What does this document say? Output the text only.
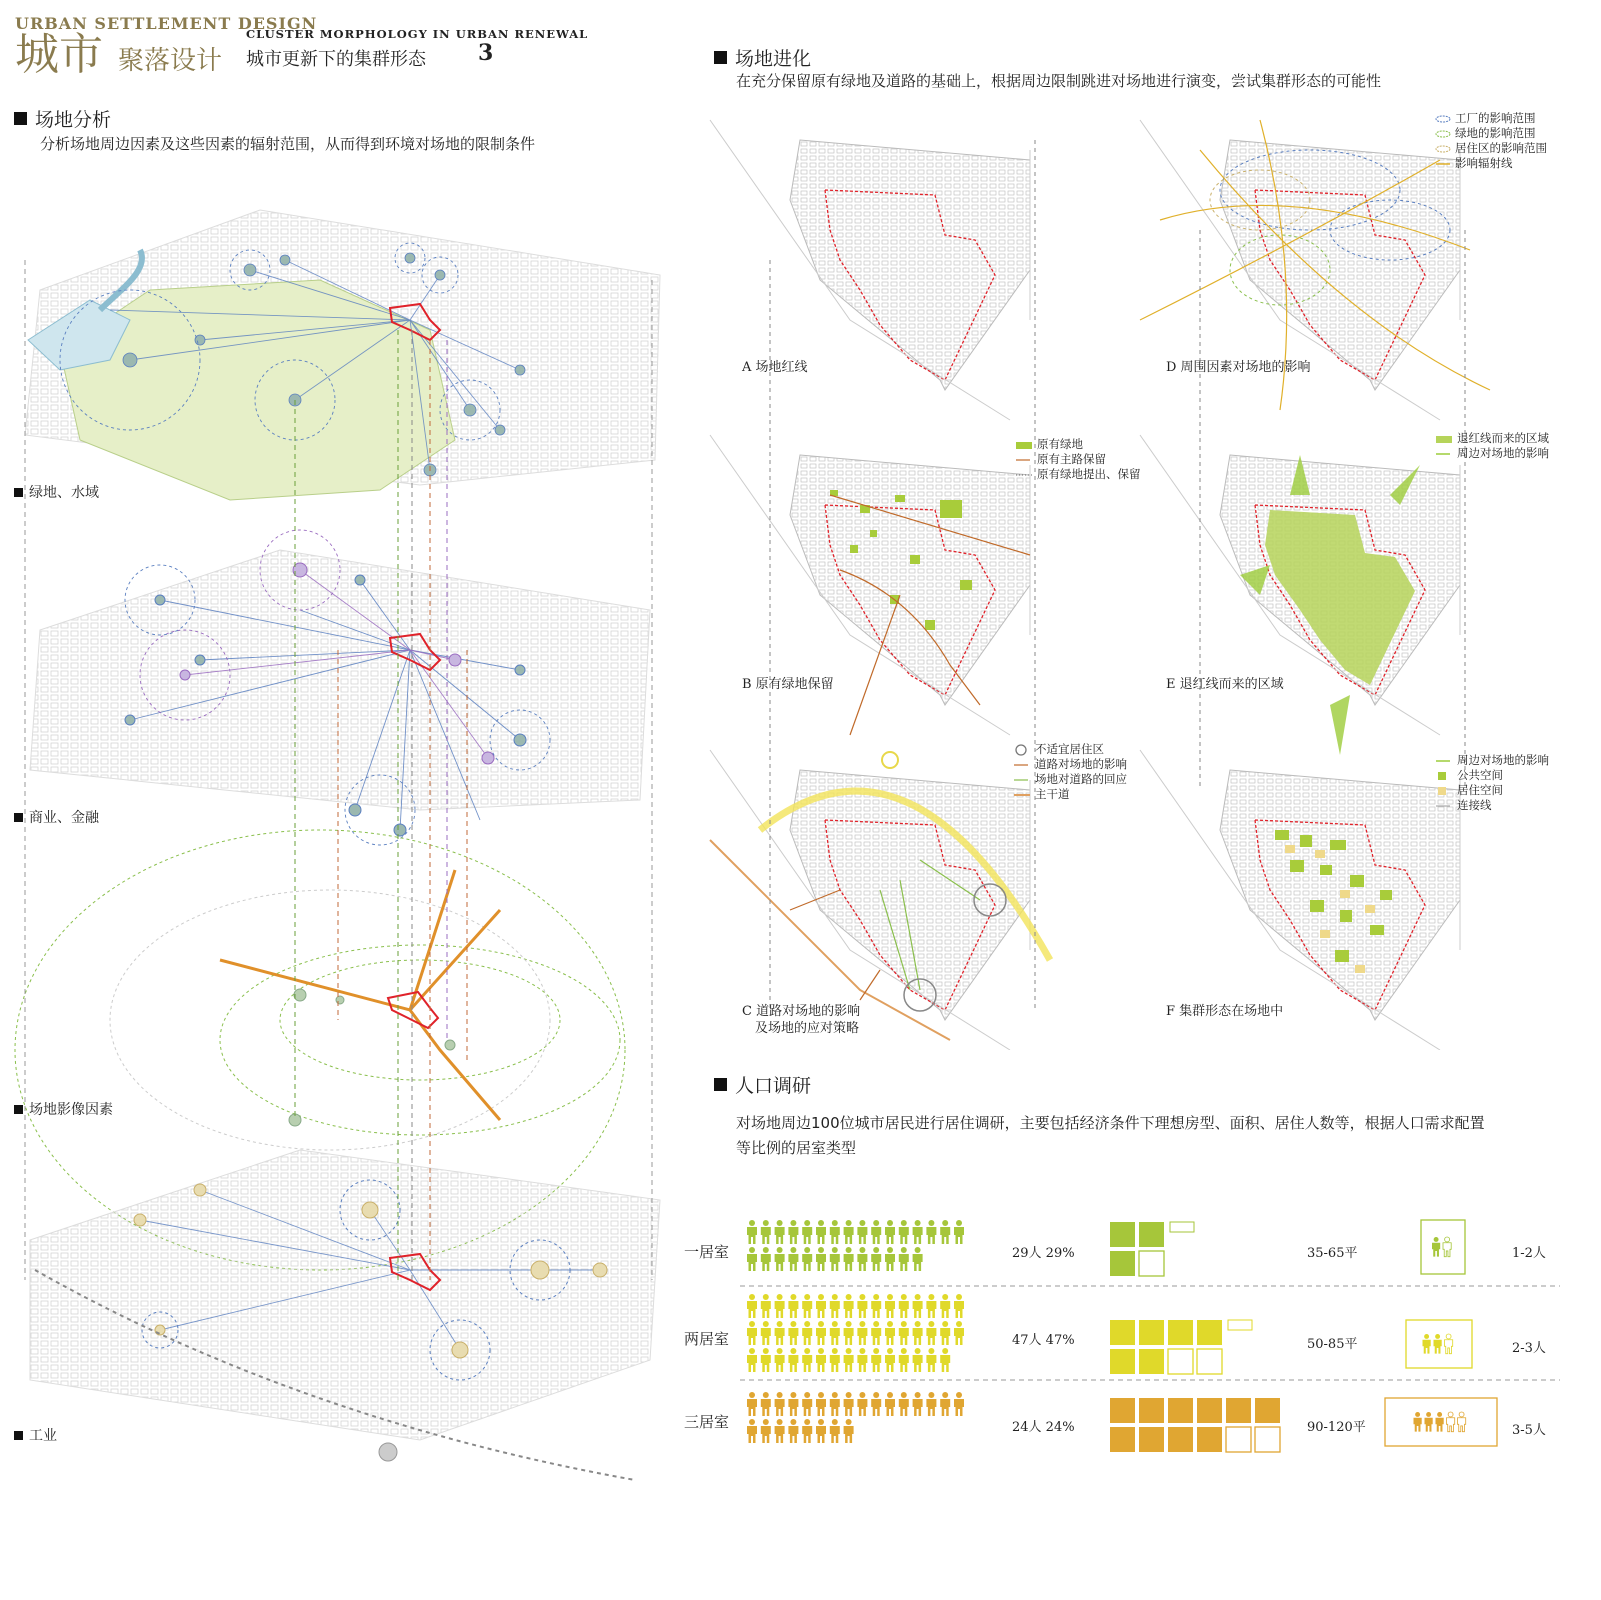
URBAN SETTLEMENT DESIGN
城市 聚落设计
CLUSTER MORPHOLOGY IN URBAN RENEWAL
城市更新下的集群形态 3
场地分析
分析场地周边因素及这些因素的辐射范围，从而得到环境对场地的限制条件
绿地、水域
商业、金融
场地影像因素
工业
场地进化
在充分保留原有绿地及道路的基础上，根据周边限制跳进对场地进行演变，尝试集群形态的可能性
A 场地红线	D 周围因素对场地的影响
B 原有绿地保留	E 退红线而来的区域
C 道路对场地的影响
及场地的应对策略
F 集群形态在场地中
工厂的影响范围
绿地的影响范围
居住区的影响范围
影响辐射线
原有绿地
原有主路保留
原有绿地提出、保留
退红线而来的区域
周边对场地的影响
不适宜居住区
道路对场地的影响
场地对道路的回应
主干道
周边对场地的影响
公共空间
居住空间
连接线
人口调研
对场地周边100位城市居民进行居住调研，主要包括经济条件下理想房型、面积、居住人数等，根据人口需求配置
等比例的居室类型
一居室
两居室
三居室
29人 29%
47人 47%
24人 24%
35-65平
50-85平
90-120平
1-2人
2-3人
3-5人
